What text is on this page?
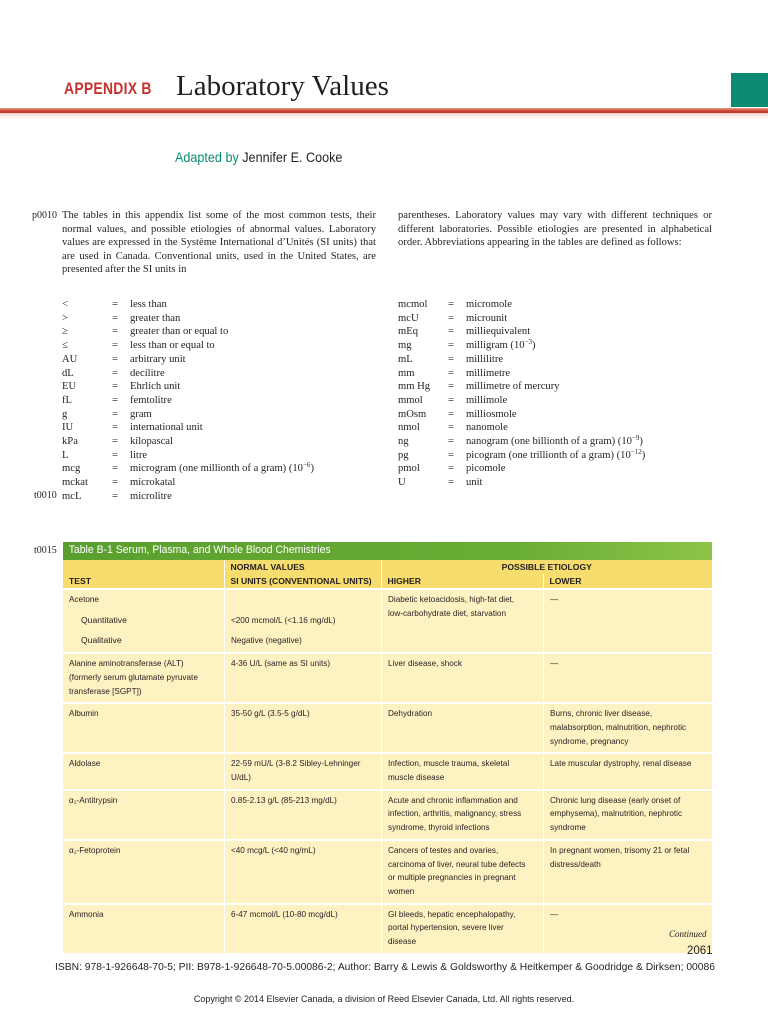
APPENDIX B Laboratory Values
Adapted by Jennifer E. Cooke
p0010 The tables in this appendix list some of the most common tests, their normal values, and possible etiologies of abnormal values. Laboratory values are expressed in the Système International d’Unités (SI units) that are used in Canada. Conventional units, used in the United States, are presented after the SI units in
parentheses. Laboratory values may vary with different techniques or different laboratories. Possible etiologies are presented in alphabetical order. Abbreviations appearing in the tables are defined as follows:
t0010
<	= less than
>	= greater than
≥	= greater than or equal to
≤	= less than or equal to
AU	= arbitrary unit
dL	= decilitre
EU	= Ehrlich unit
fL	= femtolitre
g	= gram
IU	= international unit
kPa	= kilopascal
L	= litre
mcg	= microgram (one millionth of a gram) $(10^{-6})$
mckat = microkatal
mcL	= microlitre
mcmol = micromole
mcU	= microunit
mEq	= milliequivalent
mg	= milligram $(10^{-3})$
mL	= millilitre
mm	= millimetre
mm Hg = millimetre of mercury
mmol = millimole
mOsm = milliosmole
nmol	= nanomole
ng	= nanogram (one billionth of a gram) $(10^{-9})$
pg	= picogram (one trillionth of a gram) $(10^{-12})$
pmol	= picomole
U	= unit
t0015	Table B-1 Serum, Plasma, and Whole Blood Chemistries
	NORMAL VALUES	POSSIBLE ETIOLOGY	
TEST	SI UNITS (CONVENTIONAL UNITS)	HIGHER	LOWER
Acetone		Diabetic ketoacidosis, high-fat diet, low-carbohydrate diet, starvation	—
Quantitative	<200 mcmol/L (<1.16 mg/dL)		
Qualitative	Negative (negative)		
Alanine aminotransferase (ALT) (formerly serum glutamate pyruvate transferase [SGPT])	4-36 U/L (same as SI units)	Liver disease, shock	—
Albumin	35-50 g/L (3.5-5 g/dL)	Dehydration	Burns, chronic liver disease, malabsorption, malnutrition, nephrotic syndrome, pregnancy
Aldolase	22-59 mU/L (3-8.2 Sibley-Lehninger U/dL)	Infection, muscle trauma, skeletal muscle disease	Late muscular dystrophy, renal disease
α₁-Antitrypsin	0.85-2.13 g/L (85-213 mg/dL)	Acute and chronic inflammation and infection, arthritis, malignancy, stress syndrome, thyroid infections	Chronic lung disease (early onset of emphysema), malnutrition, nephrotic syndrome
α₁-Fetoprotein	<40 mcg/L (<40 ng/mL)	Cancers of testes and ovaries, carcinoma of liver, neural tube defects or multiple pregnancies in pregnant women	In pregnant women, trisomy 21 or fetal distress/death
Ammonia	6-47 mcmol/L (10-80 mcg/dL)	GI bleeds, hepatic encephalopathy, portal hypertension, severe liver disease	—
Continued
2061
ISBN: 978-1-926648-70-5; PII: B978-1-926648-70-5.00086-2; Author: Barry & Lewis & Goldsworthy & Heitkemper & Goodridge & Dirksen; 00086
Copyright © 2014 Elsevier Canada, a division of Reed Elsevier Canada, Ltd. All rights reserved.
